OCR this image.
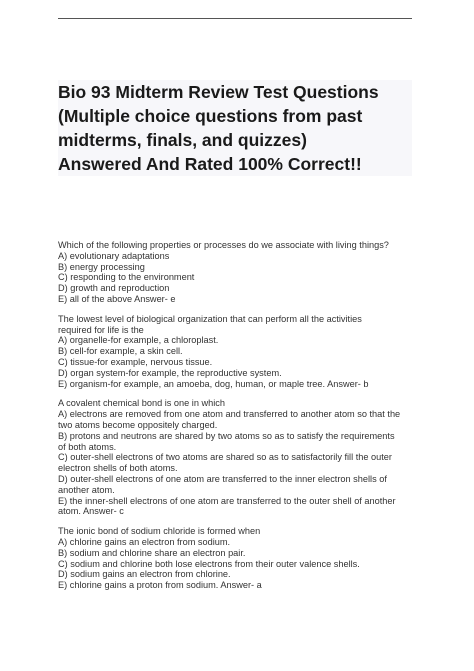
Bio 93 Midterm Review Test Questions
(Multiple choice questions from past
midterms, finals, and quizzes)
Answered And Rated 100% Correct!!
Which of the following properties or processes do we associate with living things?
A) evolutionary adaptations
B) energy processing
C) responding to the environment
D) growth and reproduction
E) all of the above Answer- e
The lowest level of biological organization that can perform all the activities
required for life is the
A) organelle-for example, a chloroplast.
B) cell-for example, a skin cell.
C) tissue-for example, nervous tissue.
D) organ system-for example, the reproductive system.
E) organism-for example, an amoeba, dog, human, or maple tree. Answer- b
A covalent chemical bond is one in which
A) electrons are removed from one atom and transferred to another atom so that the
two atoms become oppositely charged.
B) protons and neutrons are shared by two atoms so as to satisfy the requirements
of both atoms.
C) outer-shell electrons of two atoms are shared so as to satisfactorily fill the outer
electron shells of both atoms.
D) outer-shell electrons of one atom are transferred to the inner electron shells of
another atom.
E) the inner-shell electrons of one atom are transferred to the outer shell of another
atom. Answer- c
The ionic bond of sodium chloride is formed when
A) chlorine gains an electron from sodium.
B) sodium and chlorine share an electron pair.
C) sodium and chlorine both lose electrons from their outer valence shells.
D) sodium gains an electron from chlorine.
E) chlorine gains a proton from sodium. Answer- a
